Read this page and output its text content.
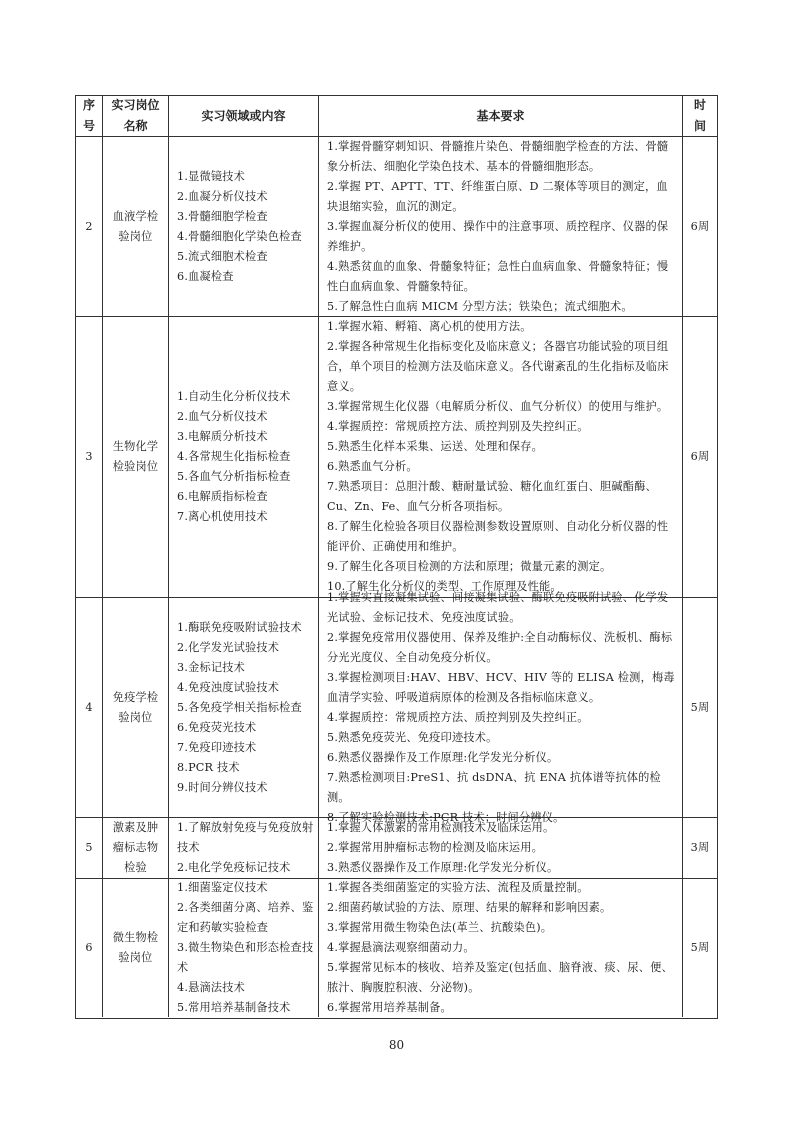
序号
实习岗位名称
实习领域或内容	基本要求
时间
2
血液学检验岗位
1.显微镜技术
2.血凝分析仪技术
3.骨髓细胞学检查
4.骨髓细胞化学染色检查
5.流式细胞术检查
6.血凝检查
1.掌握骨髓穿刺知识、骨髓推片染色、骨髓细胞学检查的方法、骨髓象分析法、细胞化学染色技术、基本的骨髓细胞形态。
2.掌握 PT、APTT、TT、纤维蛋白原、D 二聚体等项目的测定，血块退缩实验，血沉的测定。
3.掌握血凝分析仪的使用、操作中的注意事项、质控程序、仪器的保养维护。
4.熟悉贫血的血象、骨髓象特征；急性白血病血象、骨髓象特征；慢性白血病血象、骨髓象特征。
5.了解急性白血病 MICM 分型方法；铁染色；流式细胞术。
6周
3
生物化学检验岗位
1.自动生化分析仪技术
2.血气分析仪技术
3.电解质分析技术
4.各常规生化指标检查
5.各血气分析指标检查
6.电解质指标检查
7.离心机使用技术
1.掌握水箱、孵箱、离心机的使用方法。
2.掌握各种常规生化指标变化及临床意义；各器官功能试验的项目组合，单个项目的检测方法及临床意义。各代谢紊乱的生化指标及临床意义。
3.掌握常规生化仪器（电解质分析仪、血气分析仪）的使用与维护。
4.掌握质控：常规质控方法、质控判别及失控纠正。
5.熟悉生化样本采集、运送、处理和保存。
6.熟悉血气分析。
7.熟悉项目：总胆汁酸、糖耐量试验、糖化血红蛋白、胆碱酯酶、Cu、Zn、Fe、血气分析各项指标。
8.了解生化检验各项目仪器检测参数设置原则、自动化分析仪器的性能评价、正确使用和维护。
9.了解生化各项目检测的方法和原理；微量元素的测定。
10.了解生化分析仪的类型、工作原理及性能。
6周
4
免疫学检验岗位
1.酶联免疫吸附试验技术
2.化学发光试验技术
3.金标记技术
4.免疫浊度试验技术
5.各免疫学相关指标检查
6.免疫荧光技术
7.免疫印迹技术
8.PCR 技术
9.时间分辨仪技术
1.掌握实直接凝集试验、间接凝集试验、酶联免疫吸附试验、化学发光试验、金标记技术、免疫浊度试验。
2.掌握免疫常用仪器使用、保养及维护:全自动酶标仪、洗板机、酶标分光光度仪、全自动免疫分析仪。
3.掌握检测项目:HAV、HBV、HCV、HIV 等的 ELISA 检测，梅毒血清学实验、呼吸道病原体的检测及各指标临床意义。
4.掌握质控：常规质控方法、质控判别及失控纠正。
5.熟悉免疫荧光、免疫印迹技术。
6.熟悉仪器操作及工作原理:化学发光分析仪。
7.熟悉检测项目:PreS1、抗 dsDNA、抗 ENA 抗体谱等抗体的检测。
8.了解实验检测技术:PCR 技术；时间分辨仪。
5周
5
激素及肿瘤标志物检验
1.了解放射免疫与免疫放射技术
2.电化学免疫标记技术
1.掌握人体激素的常用检测技术及临床运用。
2.掌握常用肿瘤标志物的检测及临床运用。
3.熟悉仪器操作及工作原理:化学发光分析仪。
3周
6
微生物检验岗位
1.细菌鉴定仪技术
2.各类细菌分离、培养、鉴定和药敏实验检查
3.微生物染色和形态检查技术
4.悬滴法技术
5.常用培养基制备技术
1.掌握各类细菌鉴定的实验方法、流程及质量控制。
2.细菌药敏试验的方法、原理、结果的解释和影响因素。
3.掌握常用微生物染色法(革兰、抗酸染色)。
4.掌握悬滴法观察细菌动力。
5.掌握常见标本的核收、培养及鉴定(包括血、脑脊液、痰、尿、便、脓汁、胸腹腔积液、分泌物)。
6.掌握常用培养基制备。
5周
80
